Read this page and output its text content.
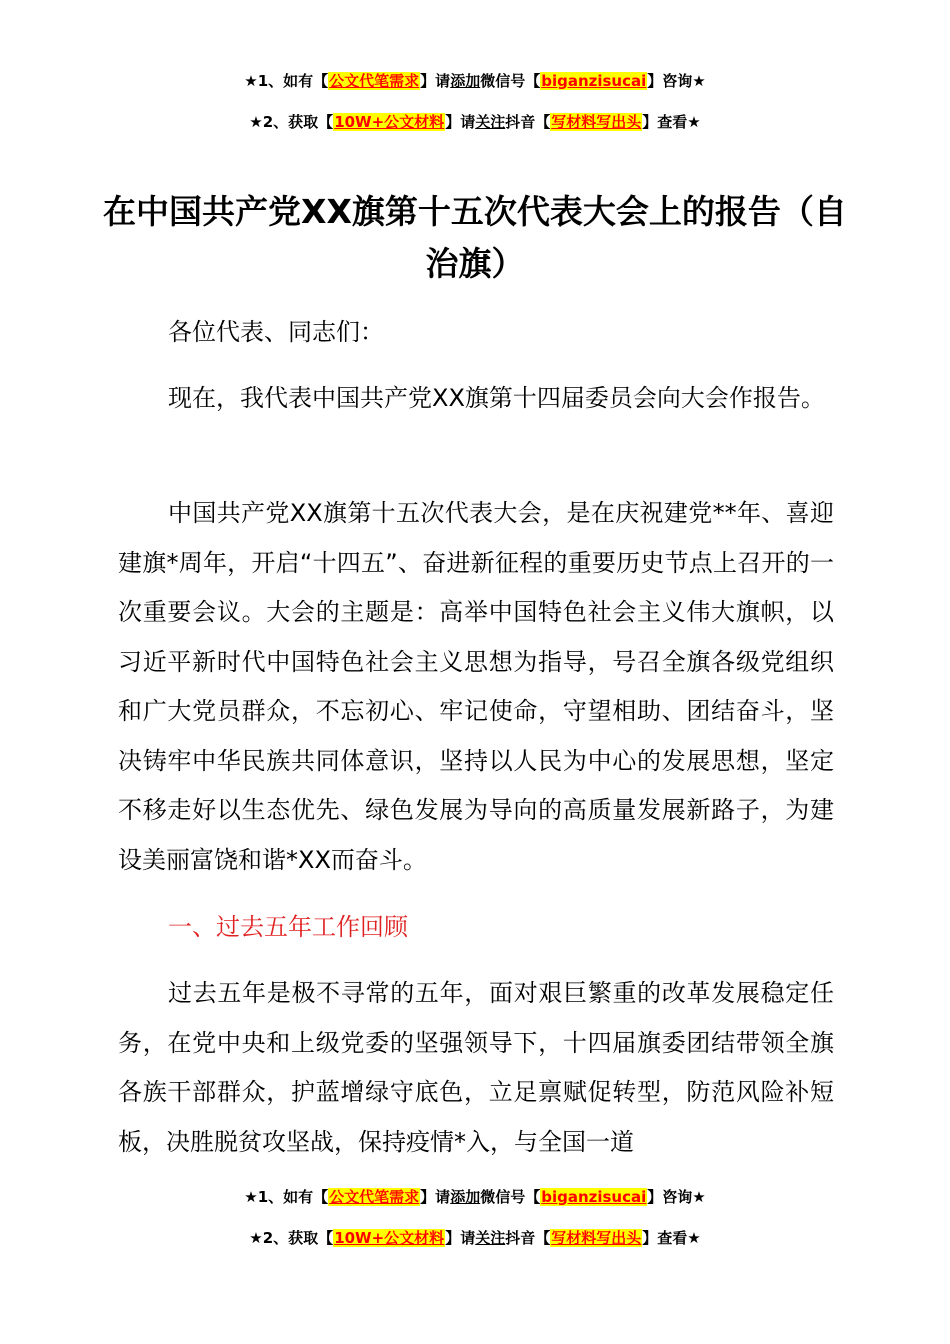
★1、如有【公文代笔需求】请添加微信号【biganzisucai】咨询★
★2、获取【10W+公文材料】请关注抖音【写材料写出头】查看★
在中国共产党XX旗第十五次代表大会上的报告（自治旗）

各位代表、同志们：

现在，我代表中国共产党XX旗第十四届委员会向大会作报告。

中国共产党XX旗第十五次代表大会，是在庆祝建党**年、喜迎建旗*周年，开启“十四五”、奋进新征程的重要历史节点上召开的一次重要会议。大会的主题是：高举中国特色社会主义伟大旗帜，以习近平新时代中国特色社会主义思想为指导，号召全旗各级党组织和广大党员群众，不忘初心、牢记使命，守望相助、团结奋斗，坚决铸牢中华民族共同体意识，坚持以人民为中心的发展思想，坚定不移走好以生态优先、绿色发展为导向的高质量发展新路子，为建设美丽富饶和谐*XX而奋斗。

一、过去五年工作回顾

过去五年是极不寻常的五年，面对艰巨繁重的改革发展稳定任务，在党中央和上级党委的坚强领导下，十四届旗委团结带领全旗各族干部群众，护蓝增绿守底色，立足禀赋促转型，防范风险补短板，决胜脱贫攻坚战，保持疫情*入，与全国一道

★1、如有【公文代笔需求】请添加微信号【biganzisucai】咨询★
★2、获取【10W+公文材料】请关注抖音【写材料写出头】查看★
